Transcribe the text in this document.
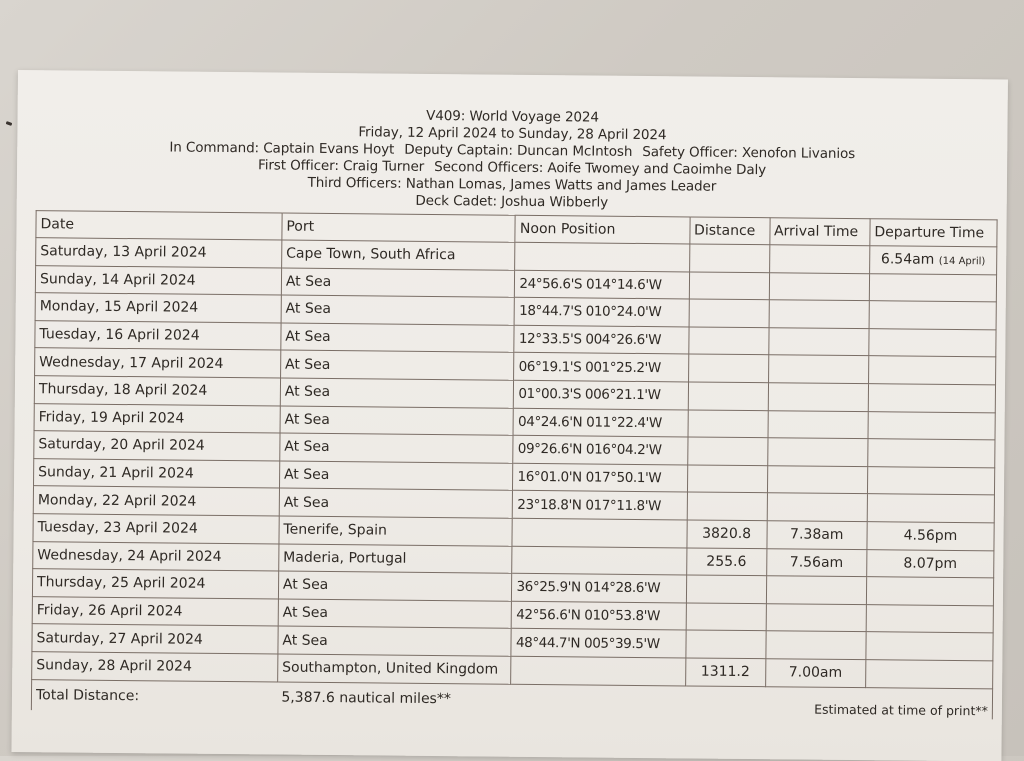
V409: World Voyage 2024
Friday, 12 April 2024 to Sunday, 28 April 2024
In Command: Captain Evans Hoyt Deputy Captain: Duncan McIntosh Safety Officer: Xenofon Livanios
First Officer: Craig Turner Second Officers: Aoife Twomey and Caoimhe Daly
Third Officers: Nathan Lomas, James Watts and James Leader
Deck Cadet: Joshua Wibberly
Date	Port	Noon Position	Distance	Arrival Time	Departure Time
Saturday, 13 April 2024	Cape Town, South Africa				6.54am (14 April)
Sunday, 14 April 2024	At Sea	24°56.6'S 014°14.6'W			
Monday, 15 April 2024	At Sea	18°44.7'S 010°24.0'W			
Tuesday, 16 April 2024	At Sea	12°33.5'S 004°26.6'W			
Wednesday, 17 April 2024	At Sea	06°19.1'S 001°25.2'W			
Thursday, 18 April 2024	At Sea	01°00.3'S 006°21.1'W			
Friday, 19 April 2024	At Sea	04°24.6'N 011°22.4'W			
Saturday, 20 April 2024	At Sea	09°26.6'N 016°04.2'W			
Sunday, 21 April 2024	At Sea	16°01.0'N 017°50.1'W			
Monday, 22 April 2024	At Sea	23°18.8'N 017°11.8'W			
Tuesday, 23 April 2024	Tenerife, Spain		3820.8	7.38am	4.56pm
Wednesday, 24 April 2024	Maderia, Portugal		255.6	7.56am	8.07pm
Thursday, 25 April 2024	At Sea	36°25.9'N 014°28.6'W			
Friday, 26 April 2024	At Sea	42°56.6'N 010°53.8'W			
Saturday, 27 April 2024	At Sea	48°44.7'N 005°39.5'W			
Sunday, 28 April 2024	Southampton, United Kingdom		1311.2	7.00am	
Total Distance:	5,387.6 nautical miles**		Estimated at time of print**		
